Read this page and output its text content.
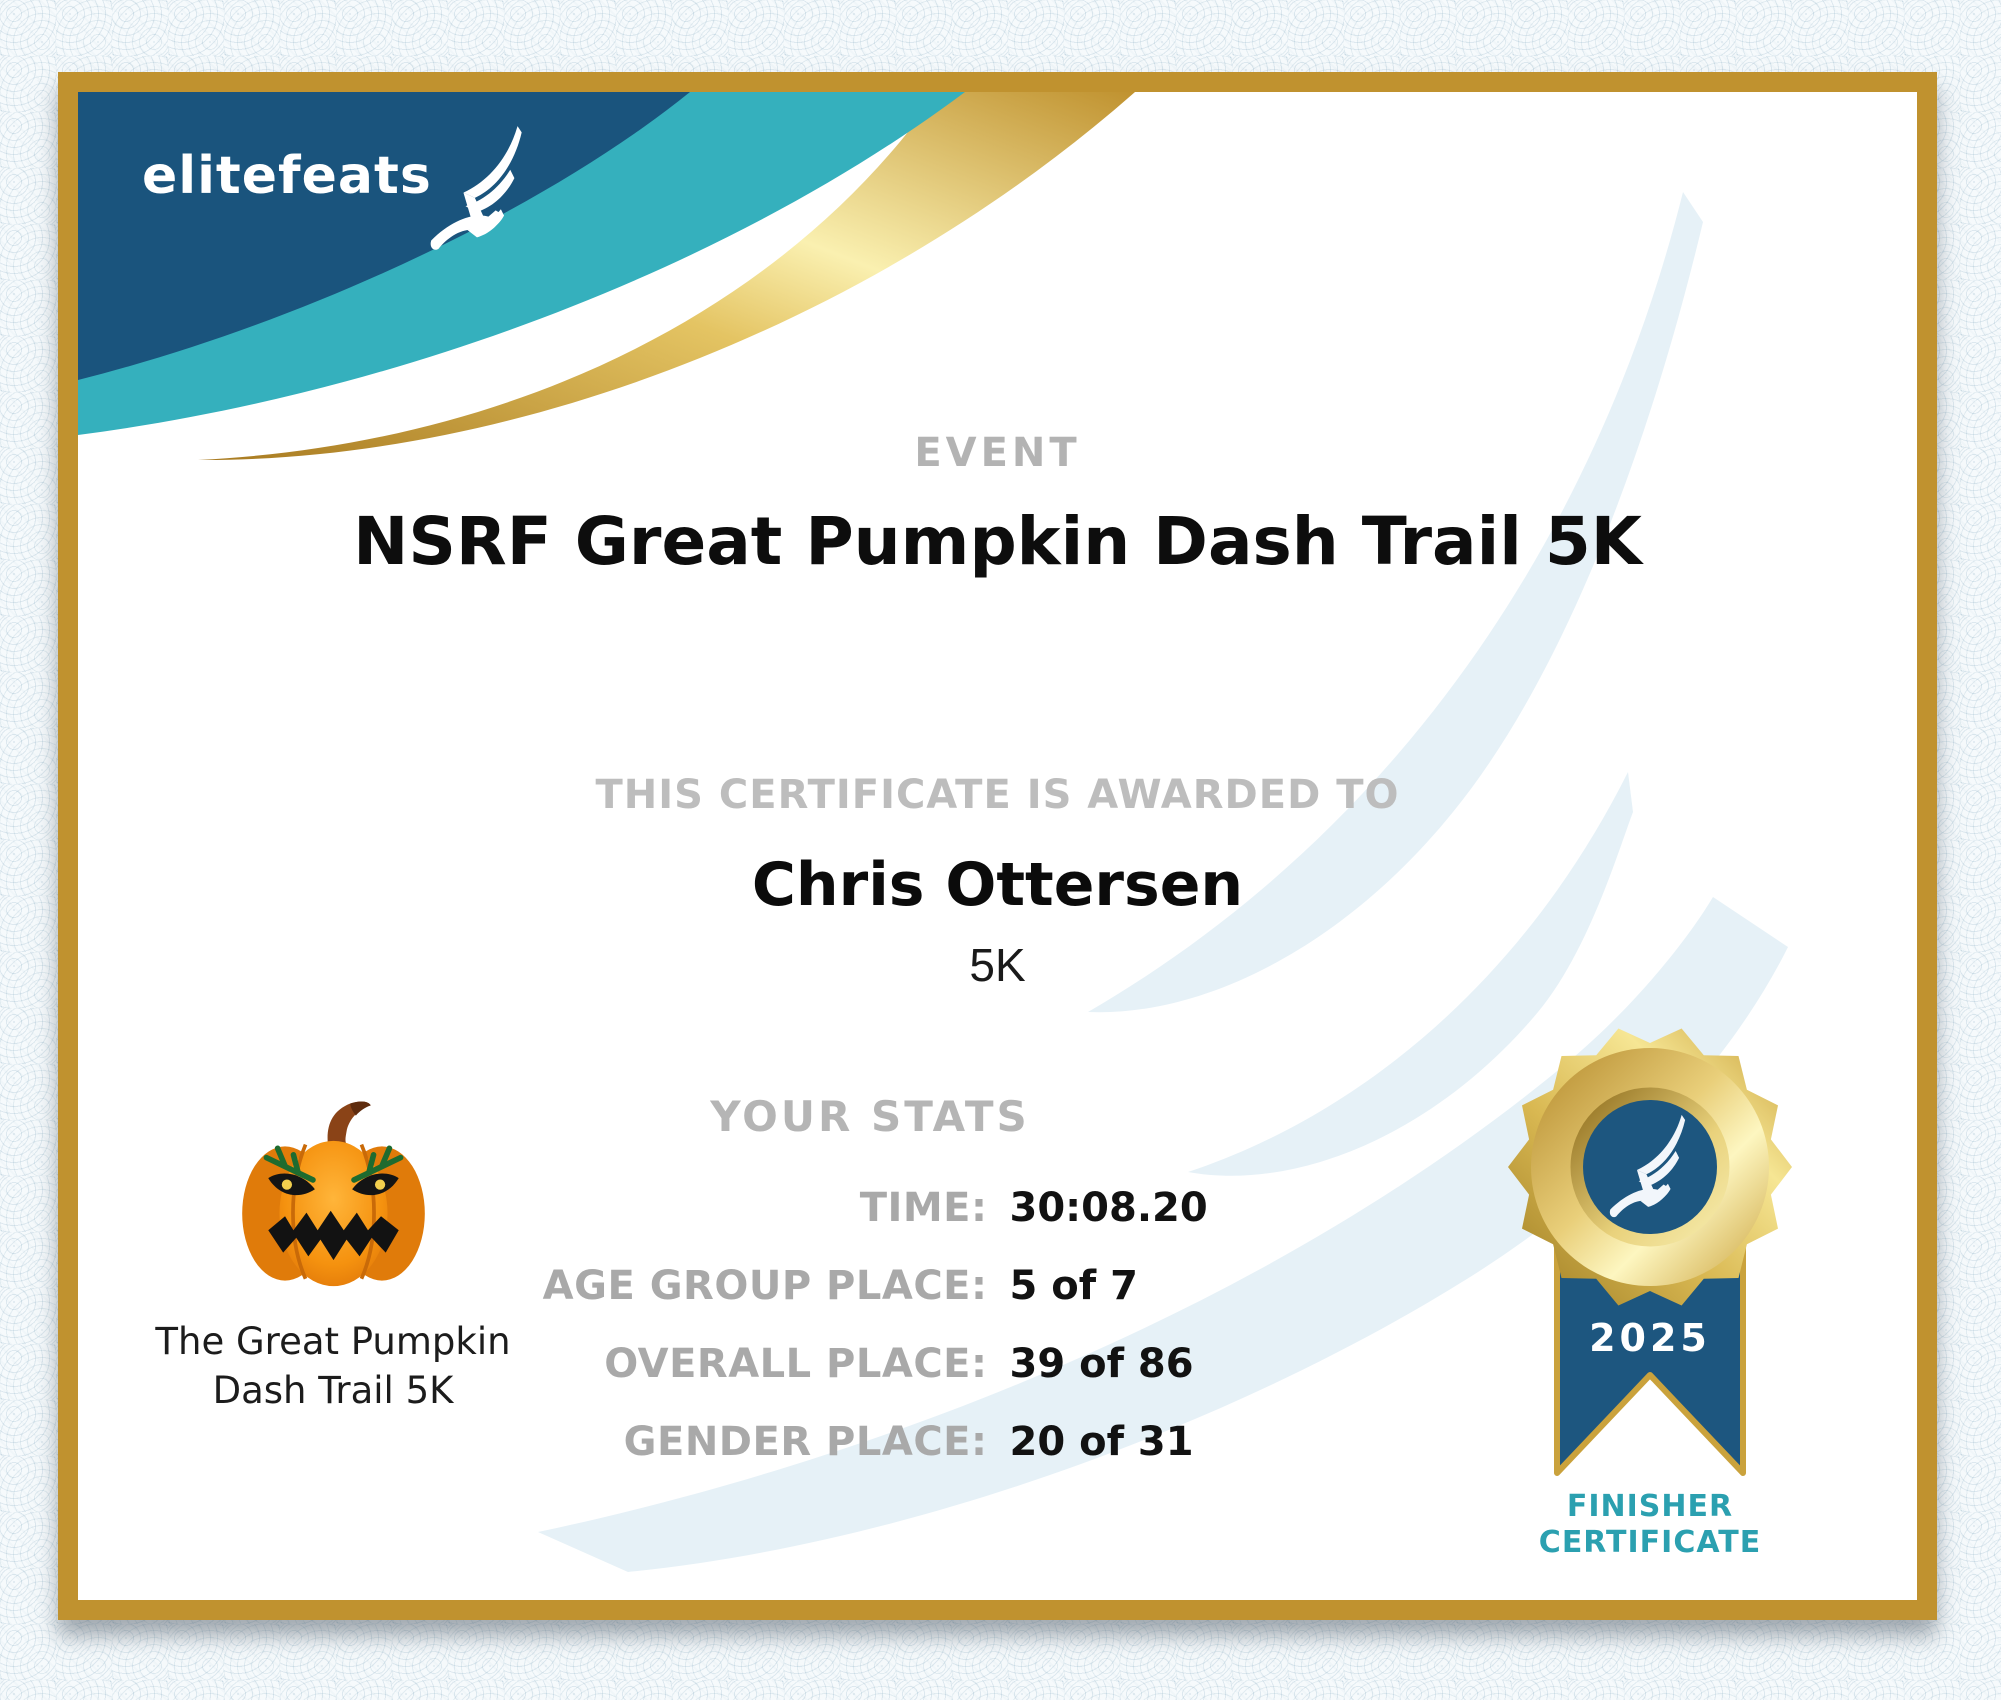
elitefeats
EVENT
NSRF Great Pumpkin Dash Trail 5K
THIS CERTIFICATE IS AWARDED TO
Chris Ottersen
5K
YOUR STATS
TIME: 30:08.20
AGE GROUP PLACE: 5 of 7
OVERALL PLACE: 39 of 86
GENDER PLACE: 20 of 31
The Great Pumpkin
Dash Trail 5K
2025
FINISHER
CERTIFICATE
